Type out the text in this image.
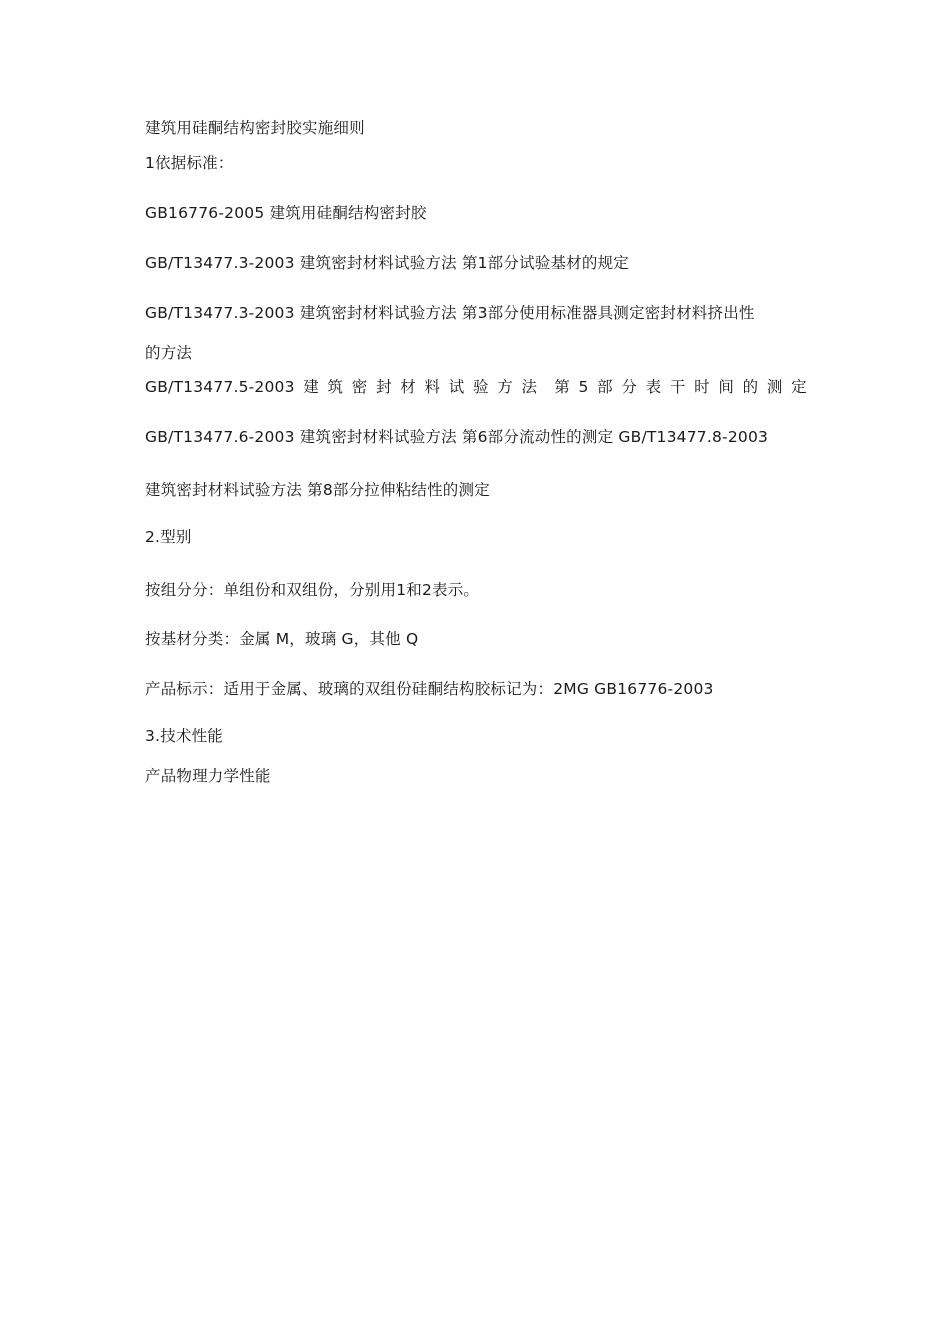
建筑用硅酮结构密封胶实施细则
1依据标准：
GB16776-2005 建筑用硅酮结构密封胶
GB/T13477.3-2003 建筑密封材料试验方法 第1部分试验基材的规定
GB/T13477.3-2003 建筑密封材料试验方法 第3部分使用标准器具测定密封材料挤出性
的方法
GB/T13477.5-2003 建 筑 密 封 材 料 试 验 方 法 第 5 部 分 表 干 时 间 的 测 定
GB/T13477.6-2003 建筑密封材料试验方法 第6部分流动性的测定 GB/T13477.8-2003
建筑密封材料试验方法 第8部分拉伸粘结性的测定
2.型别
按组分分：单组份和双组份，分别用1和2表示。
按基材分类：金属 M，玻璃 G，其他 Q
产品标示：适用于金属、玻璃的双组份硅酮结构胶标记为：2MG GB16776-2003
3.技术性能
产品物理力学性能
